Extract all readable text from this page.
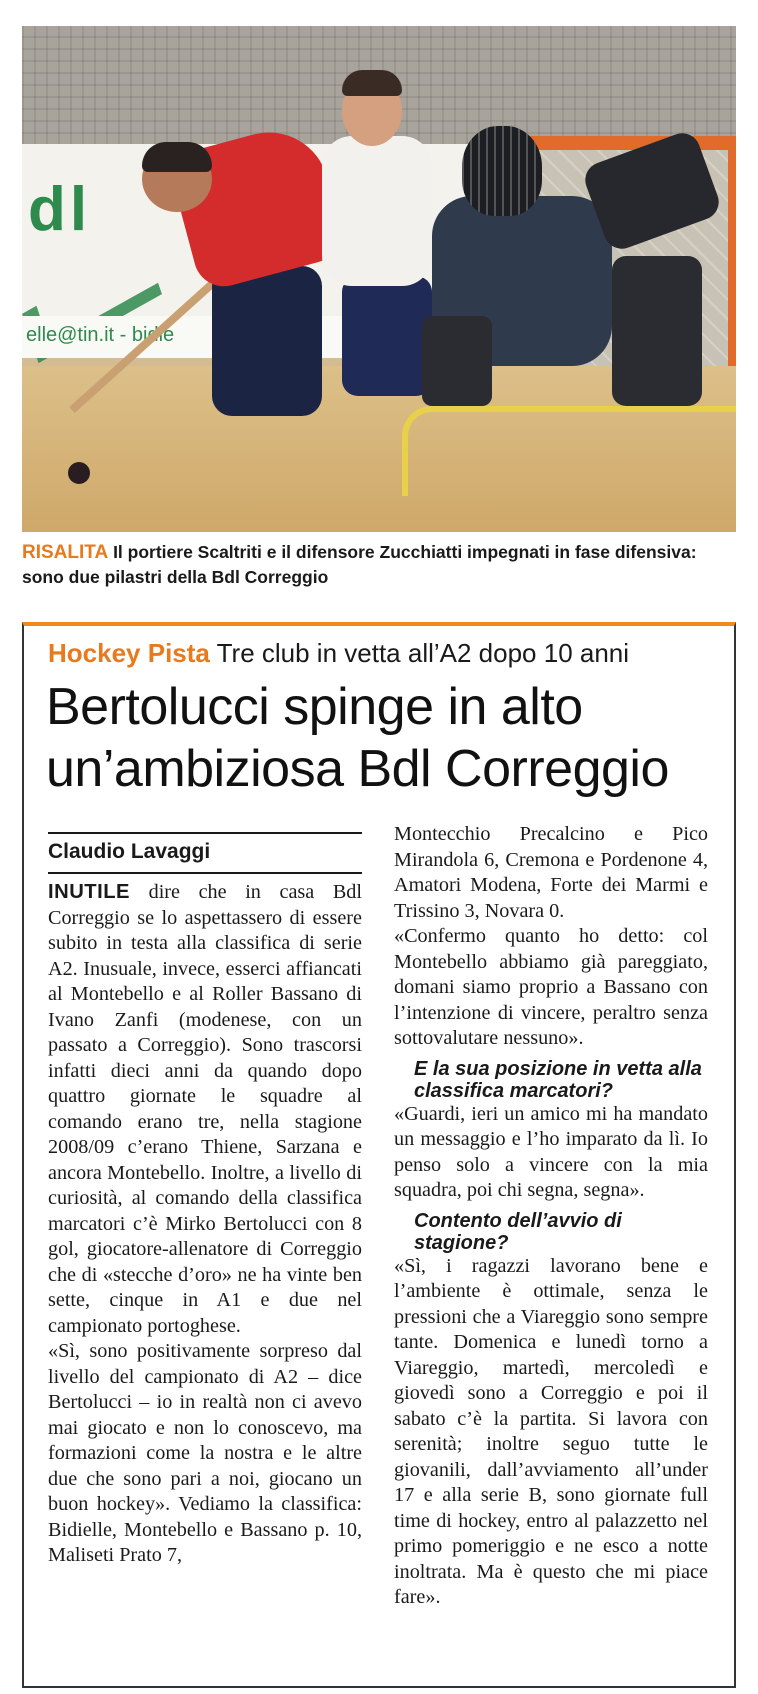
dl
elle@tin.it - bidie
RISALITA Il portiere Scaltriti e il difensore Zucchiatti impegnati in fase difensiva: sono due pilastri della Bdl Correggio
Hockey Pista Tre club in vetta all’A2 dopo 10 anni
Bertolucci spinge in alto
un’ambiziosa Bdl Correggio
Claudio Lavaggi

INUTILE dire che in casa Bdl Correggio se lo aspettassero di essere subito in testa alla classifica di serie A2. Inusuale, invece, esserci affiancati al Montebello e al Roller Bassano di Ivano Zanfi (modenese, con un passato a Correggio). Sono trascorsi infatti dieci anni da quando dopo quattro giornate le squadre al comando erano tre, nella stagione 2008/09 c’erano Thiene, Sarzana e ancora Montebello. Inoltre, a livello di curiosità, al comando della classifica marcatori c’è Mirko Bertolucci con 8 gol, giocatore-allenatore di Correggio che di «stecche d’oro» ne ha vinte ben sette, cinque in A1 e due nel campionato portoghese.

«Sì, sono positivamente sorpreso dal livello del campionato di A2 – dice Bertolucci – io in realtà non ci avevo mai giocato e non lo conoscevo, ma formazioni come la nostra e le altre due che sono pari a noi, giocano un buon hockey». Vediamo la classifica: Bidielle, Montebello e Bassano p. 10, Maliseti Prato 7,

Montecchio Precalcino e Pico Mirandola 6, Cremona e Pordenone 4, Amatori Modena, Forte dei Marmi e Trissino 3, Novara 0.

«Confermo quanto ho detto: col Montebello abbiamo già pareggiato, domani siamo proprio a Bassano con l’intenzione di vincere, peraltro senza sottovalutare nessuno».

E la sua posizione in vetta alla classifica marcatori?

«Guardi, ieri un amico mi ha mandato un messaggio e l’ho imparato da lì. Io penso solo a vincere con la mia squadra, poi chi segna, segna».

Contento dell’avvio di stagione?

«Sì, i ragazzi lavorano bene e l’ambiente è ottimale, senza le pressioni che a Viareggio sono sempre tante. Domenica e lunedì torno a Viareggio, martedì, mercoledì e giovedì sono a Correggio e poi il sabato c’è la partita. Si lavora con serenità; inoltre seguo tutte le giovanili, dall’avviamento all’under 17 e alla serie B, sono giornate full time di hockey, entro al palazzetto nel primo pomeriggio e ne esco a notte inoltrata. Ma è questo che mi piace fare».
